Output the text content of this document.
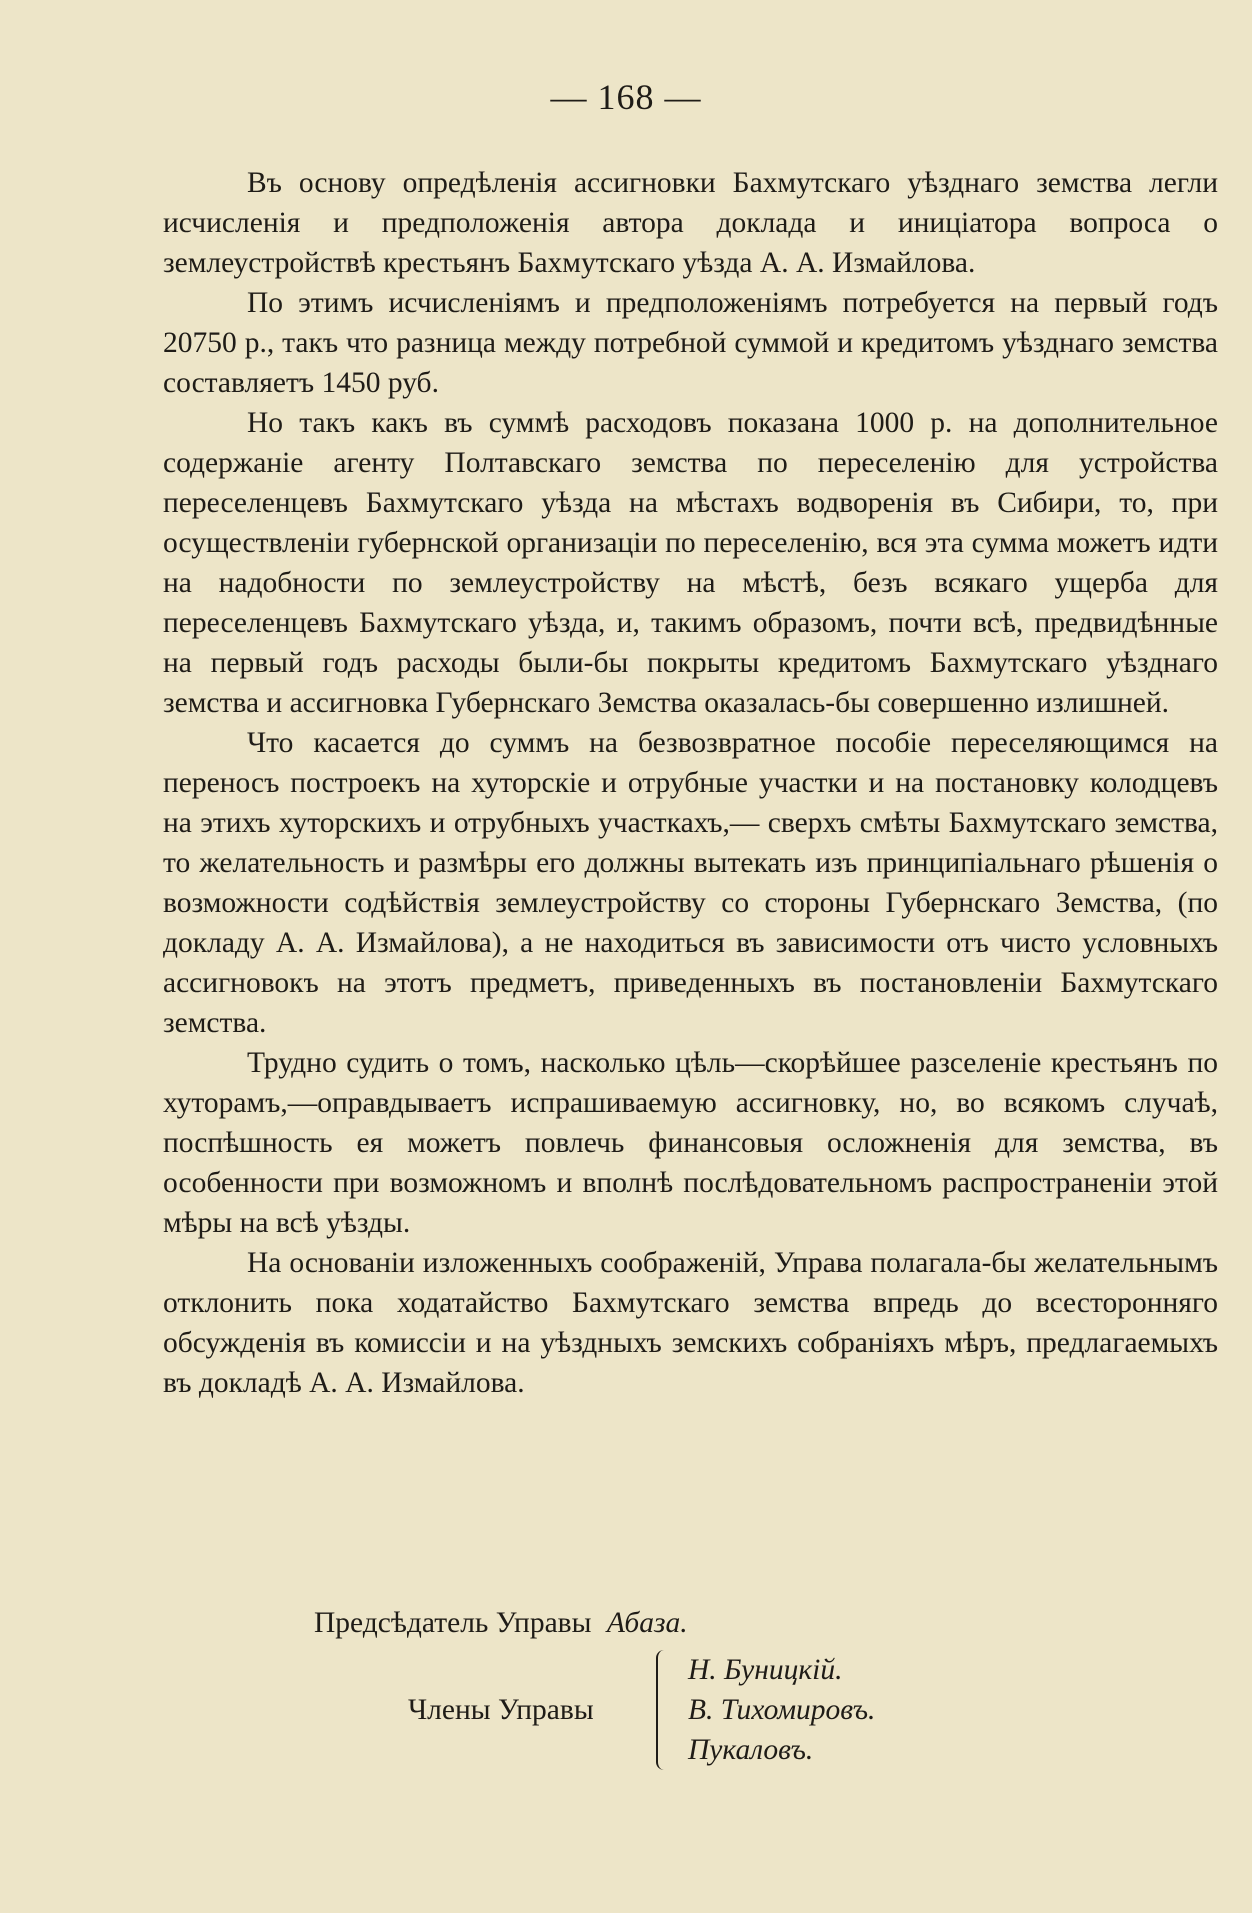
— 168 —

Въ основу опредѣленія ассигновки Бахмутскаго уѣзднаго земства легли исчисленія и предположенія автора доклада и иниціатора вопроса о землеустройствѣ крестьянъ Бахмутскаго уѣзда А. А. Измайлова.

По этимъ исчисленіямъ и предположеніямъ потребуется на первый годъ 20750 р., такъ что разница между потребной суммой и кредитомъ уѣзднаго земства составляетъ 1450 руб.

Но такъ какъ въ суммѣ расходовъ показана 1000 р. на дополнительное содержаніе агенту Полтавскаго земства по переселенію для устройства переселенцевъ Бахмутскаго уѣзда на мѣстахъ водворенія въ Сибири, то, при осуществленіи губернской организаціи по переселенію, вся эта сумма можетъ идти на надобности по землеустройству на мѣстѣ, безъ всякаго ущерба для переселенцевъ Бахмутскаго уѣзда, и, такимъ образомъ, почти всѣ, предвидѣнные на первый годъ расходы были-бы покрыты кредитомъ Бахмутскаго уѣзднаго земства и ассигновка Губернскаго Земства оказалась-бы совершенно излишней.

Что касается до суммъ на безвозвратное пособіе переселяющимся на переносъ построекъ на хуторскіе и отрубные участки и на постановку колодцевъ на этихъ хуторскихъ и отрубныхъ участкахъ,— сверхъ смѣты Бахмутскаго земства, то желательность и размѣры его должны вытекать изъ принципіальнаго рѣшенія о возможности содѣйствія землеустройству со стороны Губернскаго Земства, (по докладу А. А. Измайлова), а не находиться въ зависимости отъ чисто условныхъ ассигновокъ на этотъ предметъ, приведенныхъ въ постановленіи Бахмутскаго земства.

Трудно судить о томъ, насколько цѣль—скорѣйшее разселеніе крестьянъ по хуторамъ,—оправдываетъ испрашиваемую ассигновку, но, во всякомъ случаѣ, поспѣшность ея можетъ повлечь финансовыя осложненія для земства, въ особенности при возможномъ и вполнѣ послѣдовательномъ распространеніи этой мѣры на всѣ уѣзды.

На основаніи изложенныхъ соображеній, Управа полагала-бы желательнымъ отклонить пока ходатайство Бахмутскаго земства впредь до всесторонняго обсужденія въ комиссіи и на уѣздныхъ земскихъ собраніяхъ мѣръ, предлагаемыхъ въ докладѣ А. А. Измайлова.

Предсѣдатель Управы Абаза.
Члены Управы
Н. Буницкій.
В. Тихомировъ.
Пукаловъ.
